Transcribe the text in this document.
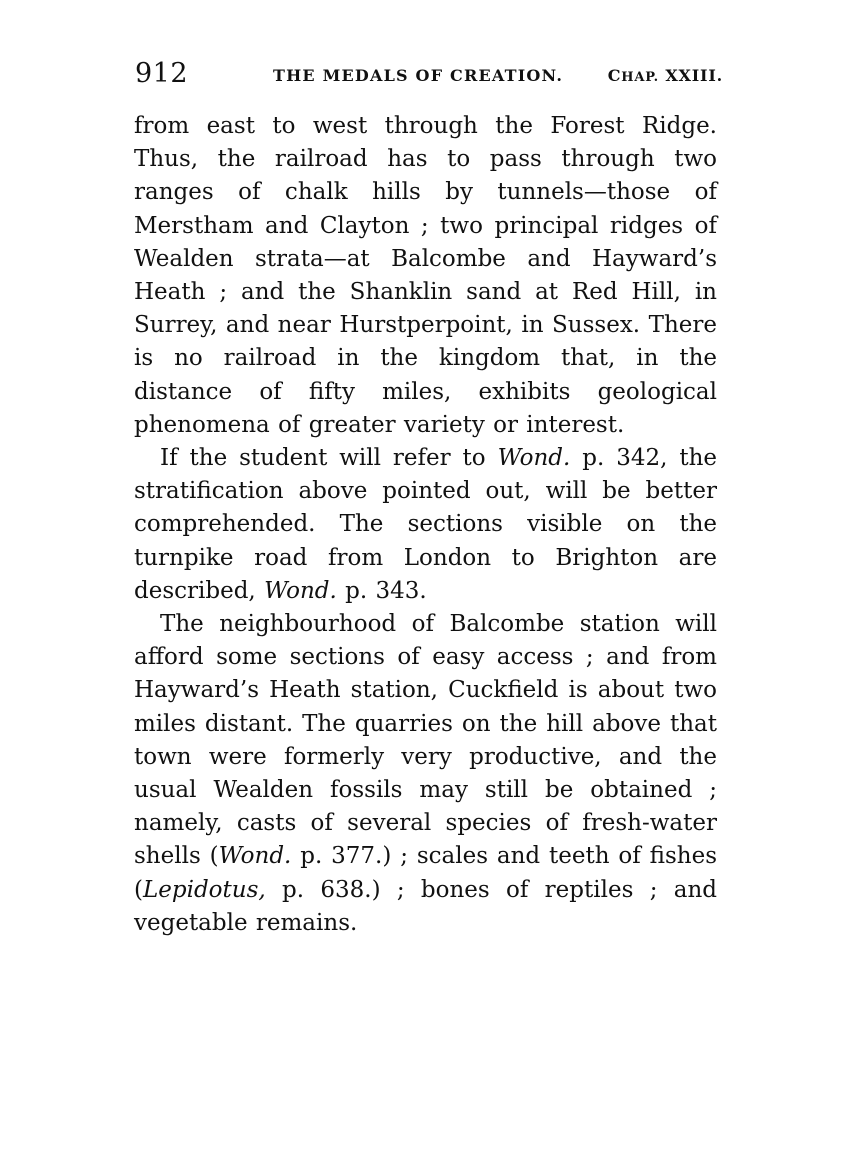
912	THE MEDALS OF CREATION.	CHAP. XXIII.

from east to west through the Forest Ridge. Thus, the railroad has to pass through two ranges of chalk hills by tunnels—those of Merstham and Clayton ; two principal ridges of Wealden strata—at Balcombe and Hayward’s Heath ; and the Shanklin sand at Red Hill, in Surrey, and near Hurstperpoint, in Sussex. There is no railroad in the kingdom that, in the distance of fifty miles, exhibits geological phenomena of greater variety or interest.

If the student will refer to Wond. p. 342, the stratification above pointed out, will be better comprehended. The sections visible on the turnpike road from London to Brighton are described, Wond. p. 343.

The neighbourhood of Balcombe station will afford some sections of easy access ; and from Hayward’s Heath station, Cuckfield is about two miles distant. The quarries on the hill above that town were formerly very productive, and the usual Wealden fossils may still be obtained ; namely, casts of several species of fresh-water shells (Wond. p. 377.) ; scales and teeth of fishes (Lepidotus, p. 638.) ; bones of reptiles ; and vegetable remains.
